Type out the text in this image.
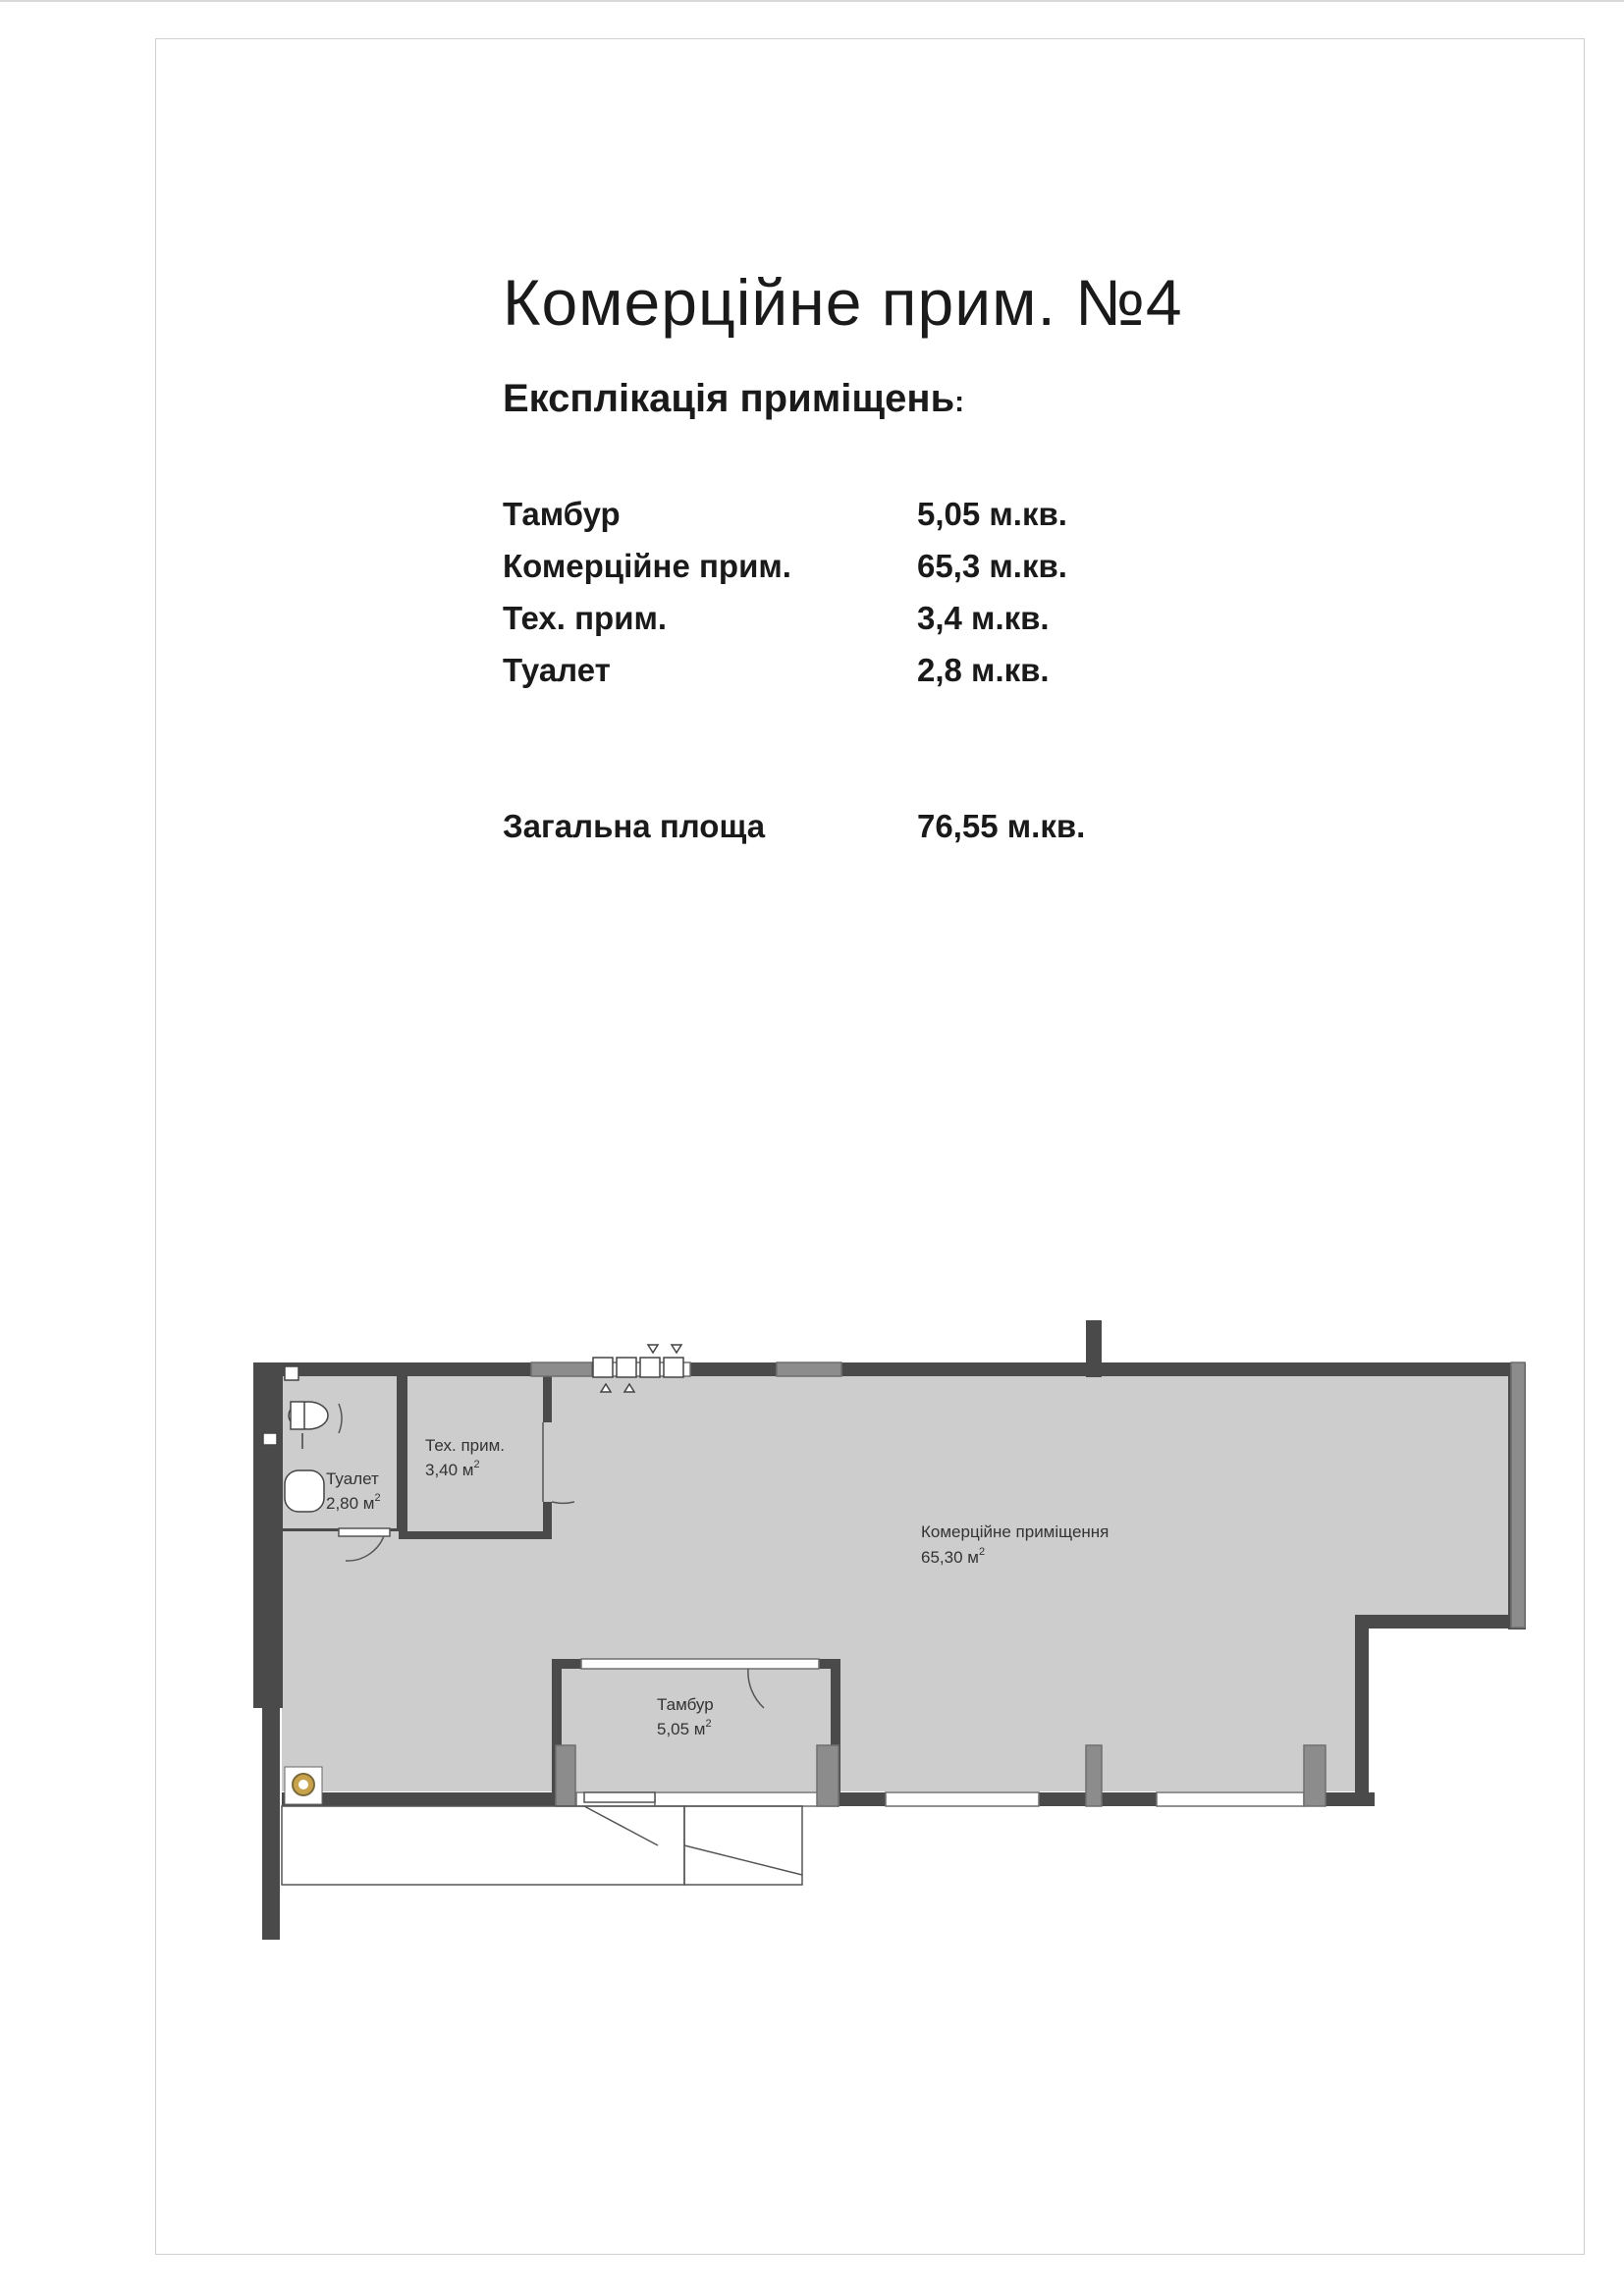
Комерційне прим. №4
Експлікація приміщень:
Тамбур	5,05 м.кв.
Комерційне прим.	65,3 м.кв.
Тех. прим.	3,4 м.кв.
Туалет	2,8 м.кв.
Загальна площа	76,55 м.кв.
Туалет
2,80 $м^2$
Тех. прим.
3,40 $м^2$
Комерційне приміщення
65,30 $м^2$
Тамбур
5,05 $м^2$
